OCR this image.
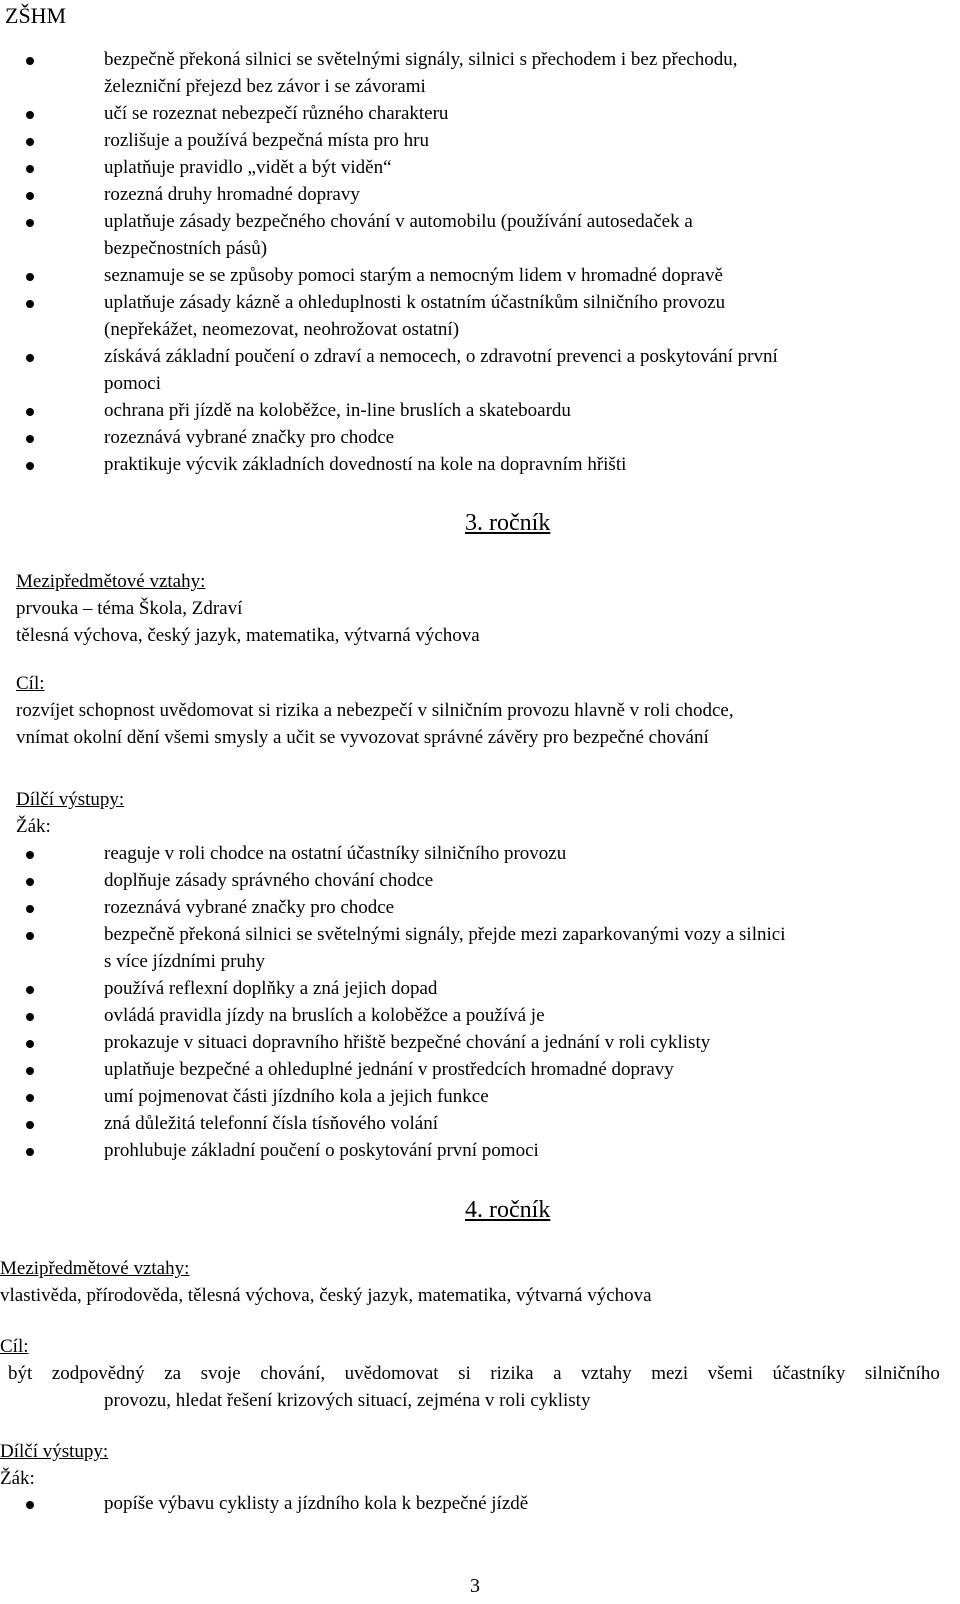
ZŠHM
bezpečně překoná silnici se světelnými signály, silnici s přechodem i bez přechodu,
železniční přejezd bez závor i se závorami
učí se rozeznat nebezpečí různého charakteru
rozlišuje a používá bezpečná místa pro hru
uplatňuje pravidlo „vidět a být viděn“
rozezná druhy hromadné dopravy
uplatňuje zásady bezpečného chování v automobilu (používání autosedaček a
bezpečnostních pásů)
seznamuje se se způsoby pomoci starým a nemocným lidem v hromadné dopravě
uplatňuje zásady kázně a ohleduplnosti k ostatním účastníkům silničního provozu
(nepřekážet, neomezovat, neohrožovat ostatní)
získává základní poučení o zdraví a nemocech, o zdravotní prevenci a poskytování první
pomoci
ochrana při jízdě na koloběžce, in-line bruslích a skateboardu
rozeznává vybrané značky pro chodce
praktikuje výcvik základních dovedností na kole na dopravním hřišti
3. ročník
Mezipředmětové vztahy:
prvouka – téma Škola, Zdraví
tělesná výchova, český jazyk, matematika, výtvarná výchova
Cíl:
rozvíjet schopnost uvědomovat si rizika a nebezpečí v silničním provozu hlavně v roli chodce,
vnímat okolní dění všemi smysly a učit se vyvozovat správné závěry pro bezpečné chování
Dílčí výstupy:
Žák:
reaguje v roli chodce na ostatní účastníky silničního provozu
doplňuje zásady správného chování chodce
rozeznává vybrané značky pro chodce
bezpečně překoná silnici se světelnými signály, přejde mezi zaparkovanými vozy a silnici
s více jízdními pruhy
používá reflexní doplňky a zná jejich dopad
ovládá pravidla jízdy na bruslích a koloběžce a používá je
prokazuje v situaci dopravního hřiště bezpečné chování a jednání v roli cyklisty
uplatňuje bezpečné a ohleduplné jednání v prostředcích hromadné dopravy
umí pojmenovat části jízdního kola a jejich funkce
zná důležitá telefonní čísla tísňového volání
prohlubuje základní poučení o poskytování první pomoci
4. ročník
Mezipředmětové vztahy:
vlastivěda, přírodověda, tělesná výchova, český jazyk, matematika, výtvarná výchova
Cíl:
být zodpovědný za svoje chování, uvědomovat si rizika a vztahy mezi všemi účastníky silničního
provozu, hledat řešení krizových situací, zejména v roli cyklisty
Dílčí výstupy:
Žák:
popíše výbavu cyklisty a jízdního kola k bezpečné jízdě
3
